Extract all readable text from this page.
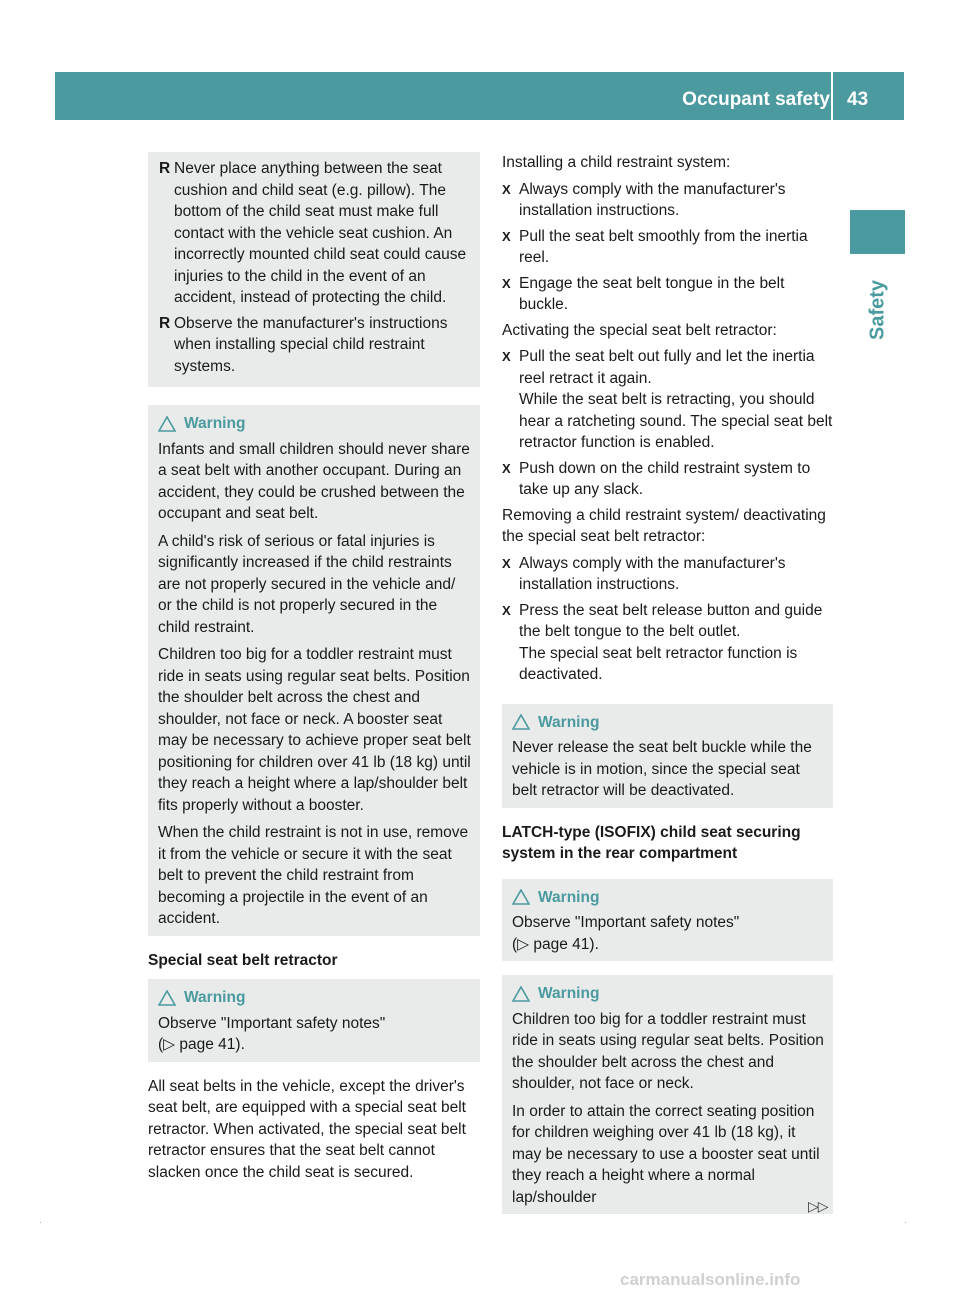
Occupant safety 43
Safety
R Never place anything between the seat cushion and child seat (e.g. pillow). The bottom of the child seat must make full contact with the vehicle seat cushion. An incorrectly mounted child seat could cause injuries to the child in the event of an accident, instead of protecting the child.
R Observe the manufacturer's instructions when installing special child restraint systems.
Warning

Infants and small children should never share a seat belt with another occupant. During an accident, they could be crushed between the occupant and seat belt.

A child's risk of serious or fatal injuries is significantly increased if the child restraints are not properly secured in the vehicle and/ or the child is not properly secured in the child restraint.

Children too big for a toddler restraint must ride in seats using regular seat belts. Position the shoulder belt across the chest and shoulder, not face or neck. A booster seat may be necessary to achieve proper seat belt positioning for children over 41 lb (18 kg) until they reach a height where a lap/shoulder belt fits properly without a booster.

When the child restraint is not in use, remove it from the vehicle or secure it with the seat belt to prevent the child restraint from becoming a projectile in the event of an accident.

Special seat belt retractor
Warning
Observe "Important safety notes"
(▷ page 41).

All seat belts in the vehicle, except the driver's seat belt, are equipped with a special seat belt retractor. When activated, the special seat belt retractor ensures that the seat belt cannot slacken once the child seat is secured.

Installing a child restraint system:

X Always comply with the manufacturer's installation instructions.
X Pull the seat belt smoothly from the inertia reel.
X Engage the seat belt tongue in the belt buckle.

Activating the special seat belt retractor:

X Pull the seat belt out fully and let the inertia reel retract it again.
While the seat belt is retracting, you should hear a ratcheting sound. The special seat belt retractor function is enabled.
X Push down on the child restraint system to take up any slack.

Removing a child restraint system/ deactivating the special seat belt retractor:

X Always comply with the manufacturer's installation instructions.
X Press the seat belt release button and guide the belt tongue to the belt outlet.
The special seat belt retractor function is deactivated.
Warning
Never release the seat belt buckle while the vehicle is in motion, since the special seat belt retractor will be deactivated.
LATCH-type (ISOFIX) child seat securing system in the rear compartment
Warning
Observe "Important safety notes"
(▷ page 41).
Warning

Children too big for a toddler restraint must ride in seats using regular seat belts. Position the shoulder belt across the chest and shoulder, not face or neck.

In order to attain the correct seating position for children weighing over 41 lb (18 kg), it may be necessary to use a booster seat until they reach a height where a normal lap/shoulder

▷▷
carmanualsonline.info
